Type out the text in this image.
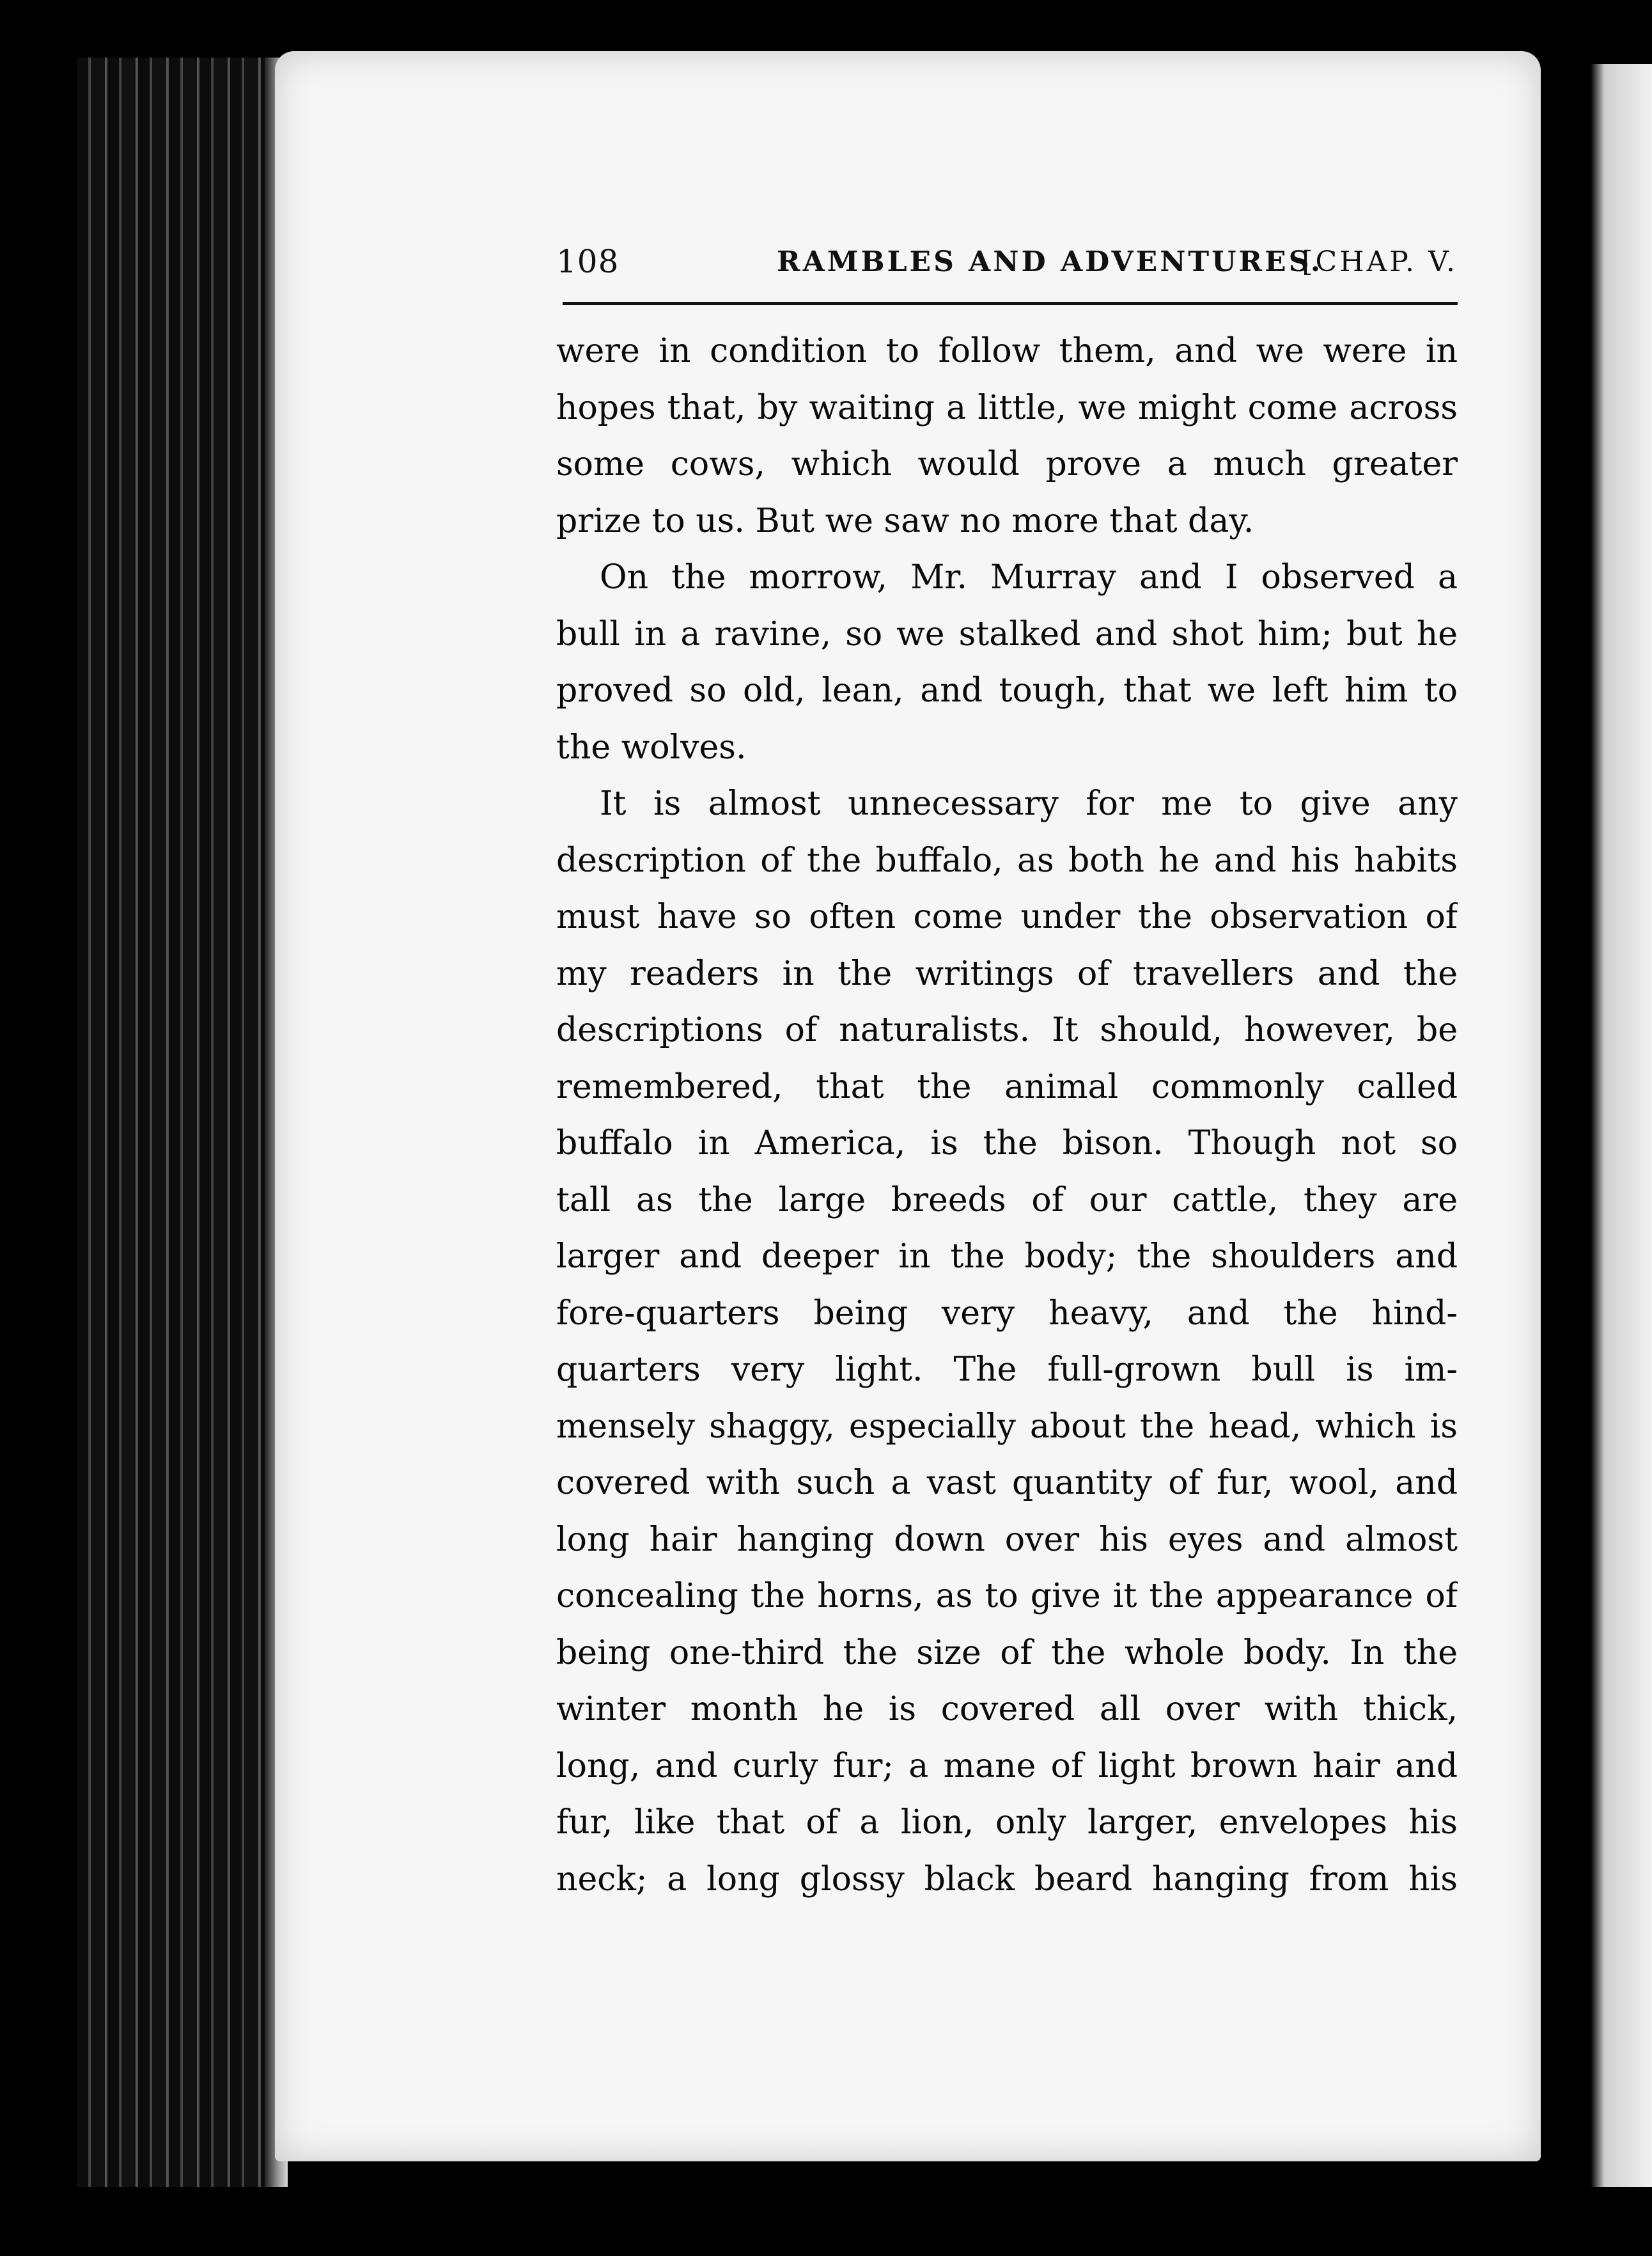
108	RAMBLES AND ADVENTURES.
[CHAP. V.
were in condition to follow them, and we were in
hopes that, by waiting a little, we might come across
some cows, which would prove a much greater
prize to us. But we saw no more that day.
On the morrow, Mr. Murray and I observed a
bull in a ravine, so we stalked and shot him; but he
proved so old, lean, and tough, that we left him to
the wolves.
It is almost unnecessary for me to give any
description of the buffalo, as both he and his habits
must have so often come under the observation of
my readers in the writings of travellers and the
descriptions of naturalists. It should, however, be
remembered, that the animal commonly called
buffalo in America, is the bison. Though not so
tall as the large breeds of our cattle, they are
larger and deeper in the body; the shoulders and
fore-quarters being very heavy, and the hind-
quarters very light. The full-grown bull is im-
mensely shaggy, especially about the head, which is
covered with such a vast quantity of fur, wool, and
long hair hanging down over his eyes and almost
concealing the horns, as to give it the appearance of
being one-third the size of the whole body. In the
winter month he is covered all over with thick,
long, and curly fur; a mane of light brown hair and
fur, like that of a lion, only larger, envelopes his
neck; a long glossy black beard hanging from his
